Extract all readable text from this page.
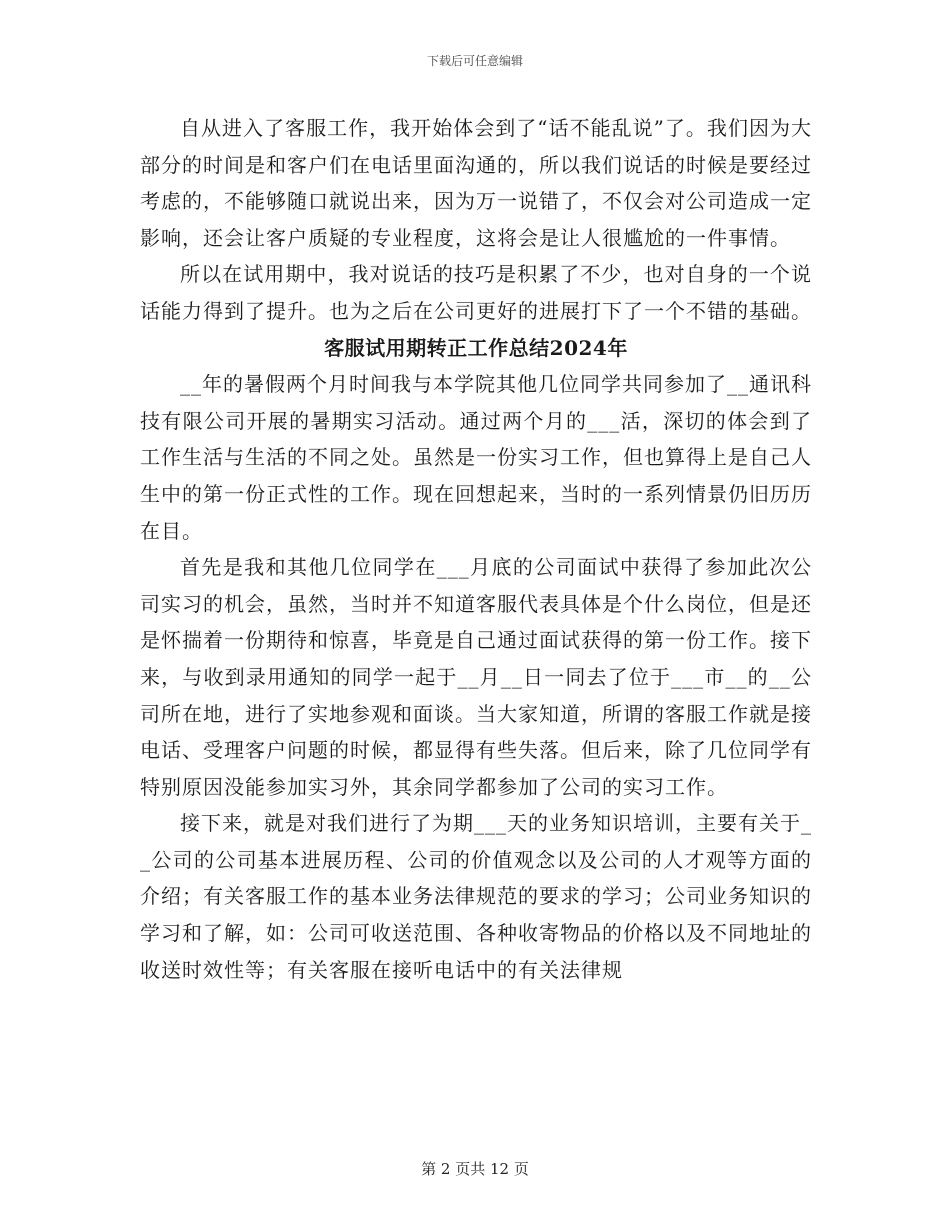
下载后可任意编辑

自从进入了客服工作，我开始体会到了“话不能乱说”了。我们因为大部分的时间是和客户们在电话里面沟通的，所以我们说话的时候是要经过考虑的，不能够随口就说出来，因为万一说错了，不仅会对公司造成一定影响，还会让客户质疑的专业程度，这将会是让人很尴尬的一件事情。

所以在试用期中，我对说话的技巧是积累了不少，也对自身的一个说话能力得到了提升。也为之后在公司更好的进展打下了一个不错的基础。

客服试用期转正工作总结2024年

__年的暑假两个月时间我与本学院其他几位同学共同参加了__通讯科技有限公司开展的暑期实习活动。通过两个月的___活，深切的体会到了工作生活与生活的不同之处。虽然是一份实习工作，但也算得上是自己人生中的第一份正式性的工作。现在回想起来，当时的一系列情景仍旧历历在目。

首先是我和其他几位同学在___月底的公司面试中获得了参加此次公司实习的机会，虽然，当时并不知道客服代表具体是个什么岗位，但是还是怀揣着一份期待和惊喜，毕竟是自己通过面试获得的第一份工作。接下来，与收到录用通知的同学一起于__月__日一同去了位于___市__的__公司所在地，进行了实地参观和面谈。当大家知道，所谓的客服工作就是接电话、受理客户问题的时候，都显得有些失落。但后来，除了几位同学有特别原因没能参加实习外，其余同学都参加了公司的实习工作。

接下来，就是对我们进行了为期___天的业务知识培训，主要有关于__公司的公司基本进展历程、公司的价值观念以及公司的人才观等方面的介绍；有关客服工作的基本业务法律规范的要求的学习；公司业务知识的学习和了解，如：公司可收送范围、各种收寄物品的价格以及不同地址的收送时效性等；有关客服在接听电话中的有关法律规

第 2 页共 12 页
